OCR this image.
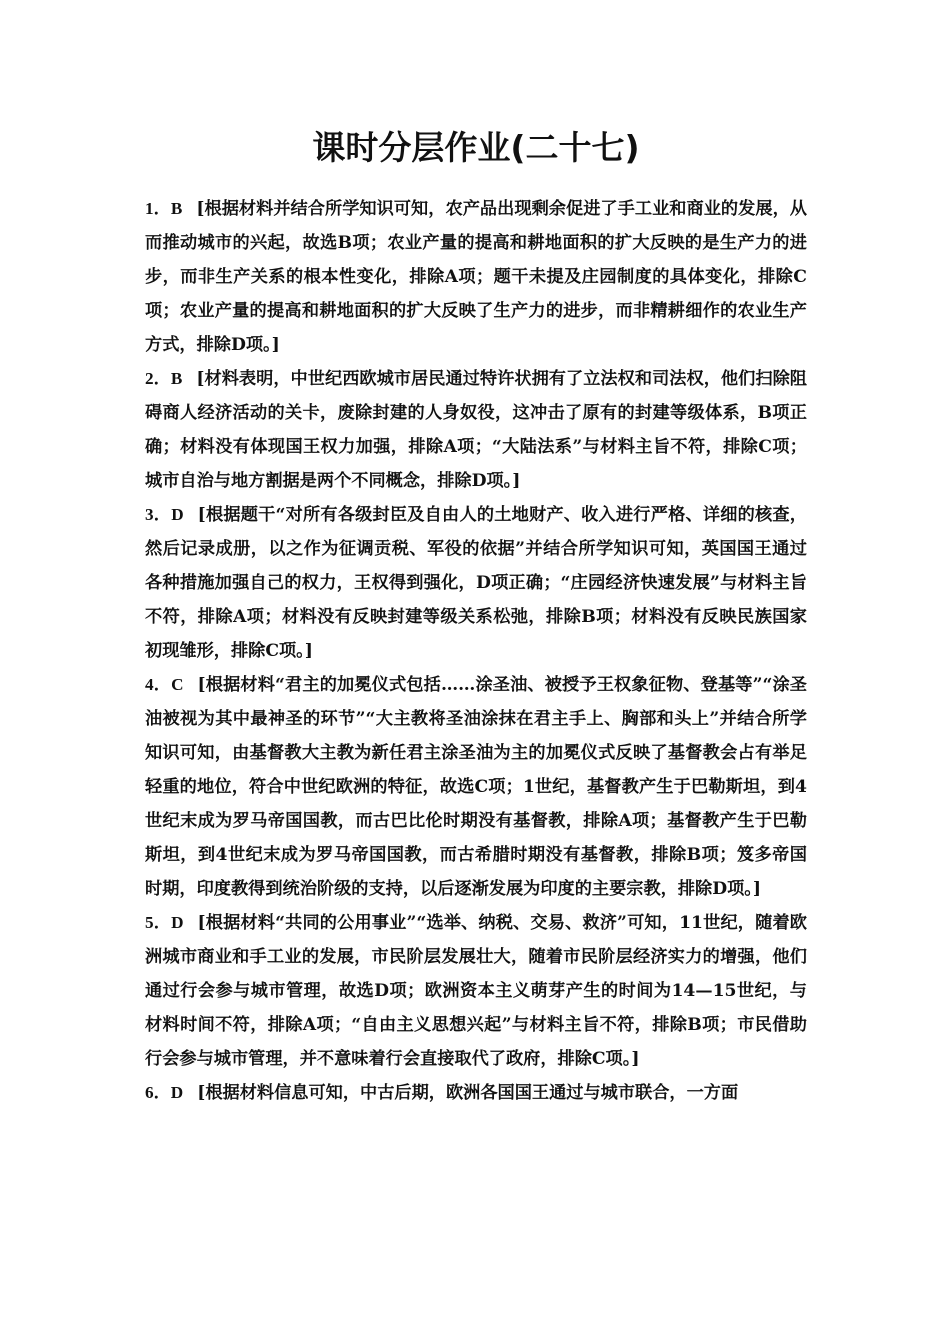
课时分层作业(二十七)
1．B [根据材料并结合所学知识可知，农产品出现剩余促进了手工业和商业的发展，从而推动城市的兴起，故选B项；农业产量的提高和耕地面积的扩大反映的是生产力的进步，而非生产关系的根本性变化，排除A项；题干未提及庄园制度的具体变化，排除C项；农业产量的提高和耕地面积的扩大反映了生产力的进步，而非精耕细作的农业生产方式，排除D项。]
2．B [材料表明，中世纪西欧城市居民通过特许状拥有了立法权和司法权，他们扫除阻碍商人经济活动的关卡，废除封建的人身奴役，这冲击了原有的封建等级体系，B项正确；材料没有体现国王权力加强，排除A项；“大陆法系”与材料主旨不符，排除C项；城市自治与地方割据是两个不同概念，排除D项。]
3．D [根据题干“对所有各级封臣及自由人的土地财产、收入进行严格、详细的核查，然后记录成册，以之作为征调贡税、军役的依据”并结合所学知识可知，英国国王通过各种措施加强自己的权力，王权得到强化，D项正确；“庄园经济快速发展”与材料主旨不符，排除A项；材料没有反映封建等级关系松弛，排除B项；材料没有反映民族国家初现雏形，排除C项。]
4．C [根据材料“君主的加冕仪式包括……涂圣油、被授予王权象征物、登基等”“涂圣油被视为其中最神圣的环节”“大主教将圣油涂抹在君主手上、胸部和头上”并结合所学知识可知，由基督教大主教为新任君主涂圣油为主的加冕仪式反映了基督教会占有举足轻重的地位，符合中世纪欧洲的特征，故选C项；1世纪，基督教产生于巴勒斯坦，到4世纪末成为罗马帝国国教，而古巴比伦时期没有基督教，排除A项；基督教产生于巴勒斯坦，到4世纪末成为罗马帝国国教，而古希腊时期没有基督教，排除B项；笈多帝国时期，印度教得到统治阶级的支持，以后逐渐发展为印度的主要宗教，排除D项。]
5．D [根据材料“共同的公用事业”“选举、纳税、交易、救济”可知，11世纪，随着欧洲城市商业和手工业的发展，市民阶层发展壮大，随着市民阶层经济实力的增强，他们通过行会参与城市管理，故选D项；欧洲资本主义萌芽产生的时间为14—15世纪，与材料时间不符，排除A项；“自由主义思想兴起”与材料主旨不符，排除B项；市民借助行会参与城市管理，并不意味着行会直接取代了政府，排除C项。]
6．D [根据材料信息可知，中古后期，欧洲各国国王通过与城市联合，一方面
